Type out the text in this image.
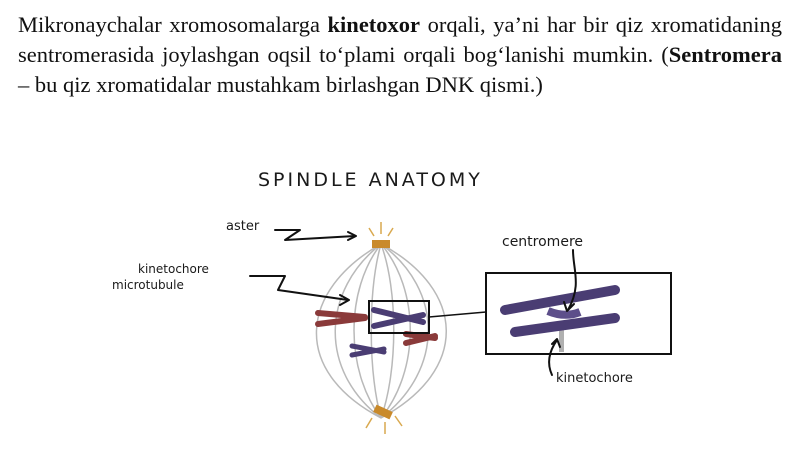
Mikronaychalar xromosomalarga kinetoxor orqali, ya’ni har bir qiz xromatidaning sentromerasida joylashgan oqsil to‘plami orqali bog‘lanishi mumkin. (Sentromera – bu qiz xromatidalar mustahkam birlashgan DNK qismi.)

SPINDLE ANATOMY
aster
kinetochore
microtubule
centromere
kinetochore
